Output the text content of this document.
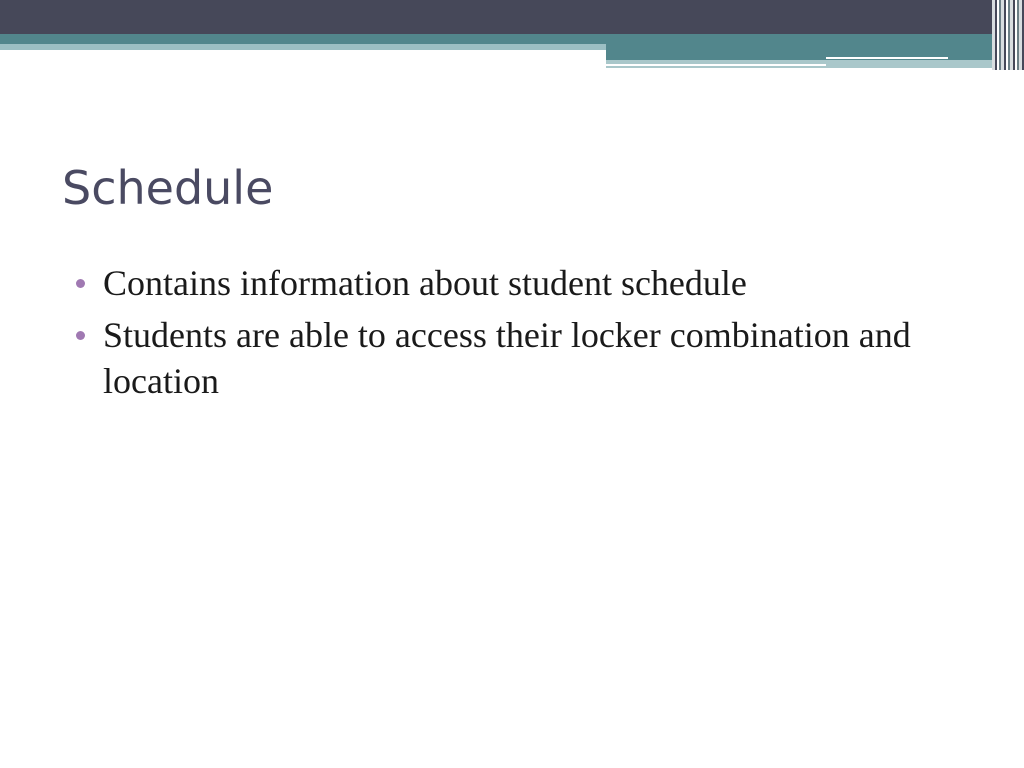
Schedule
Contains information about student schedule
Students are able to access their locker combination and location
